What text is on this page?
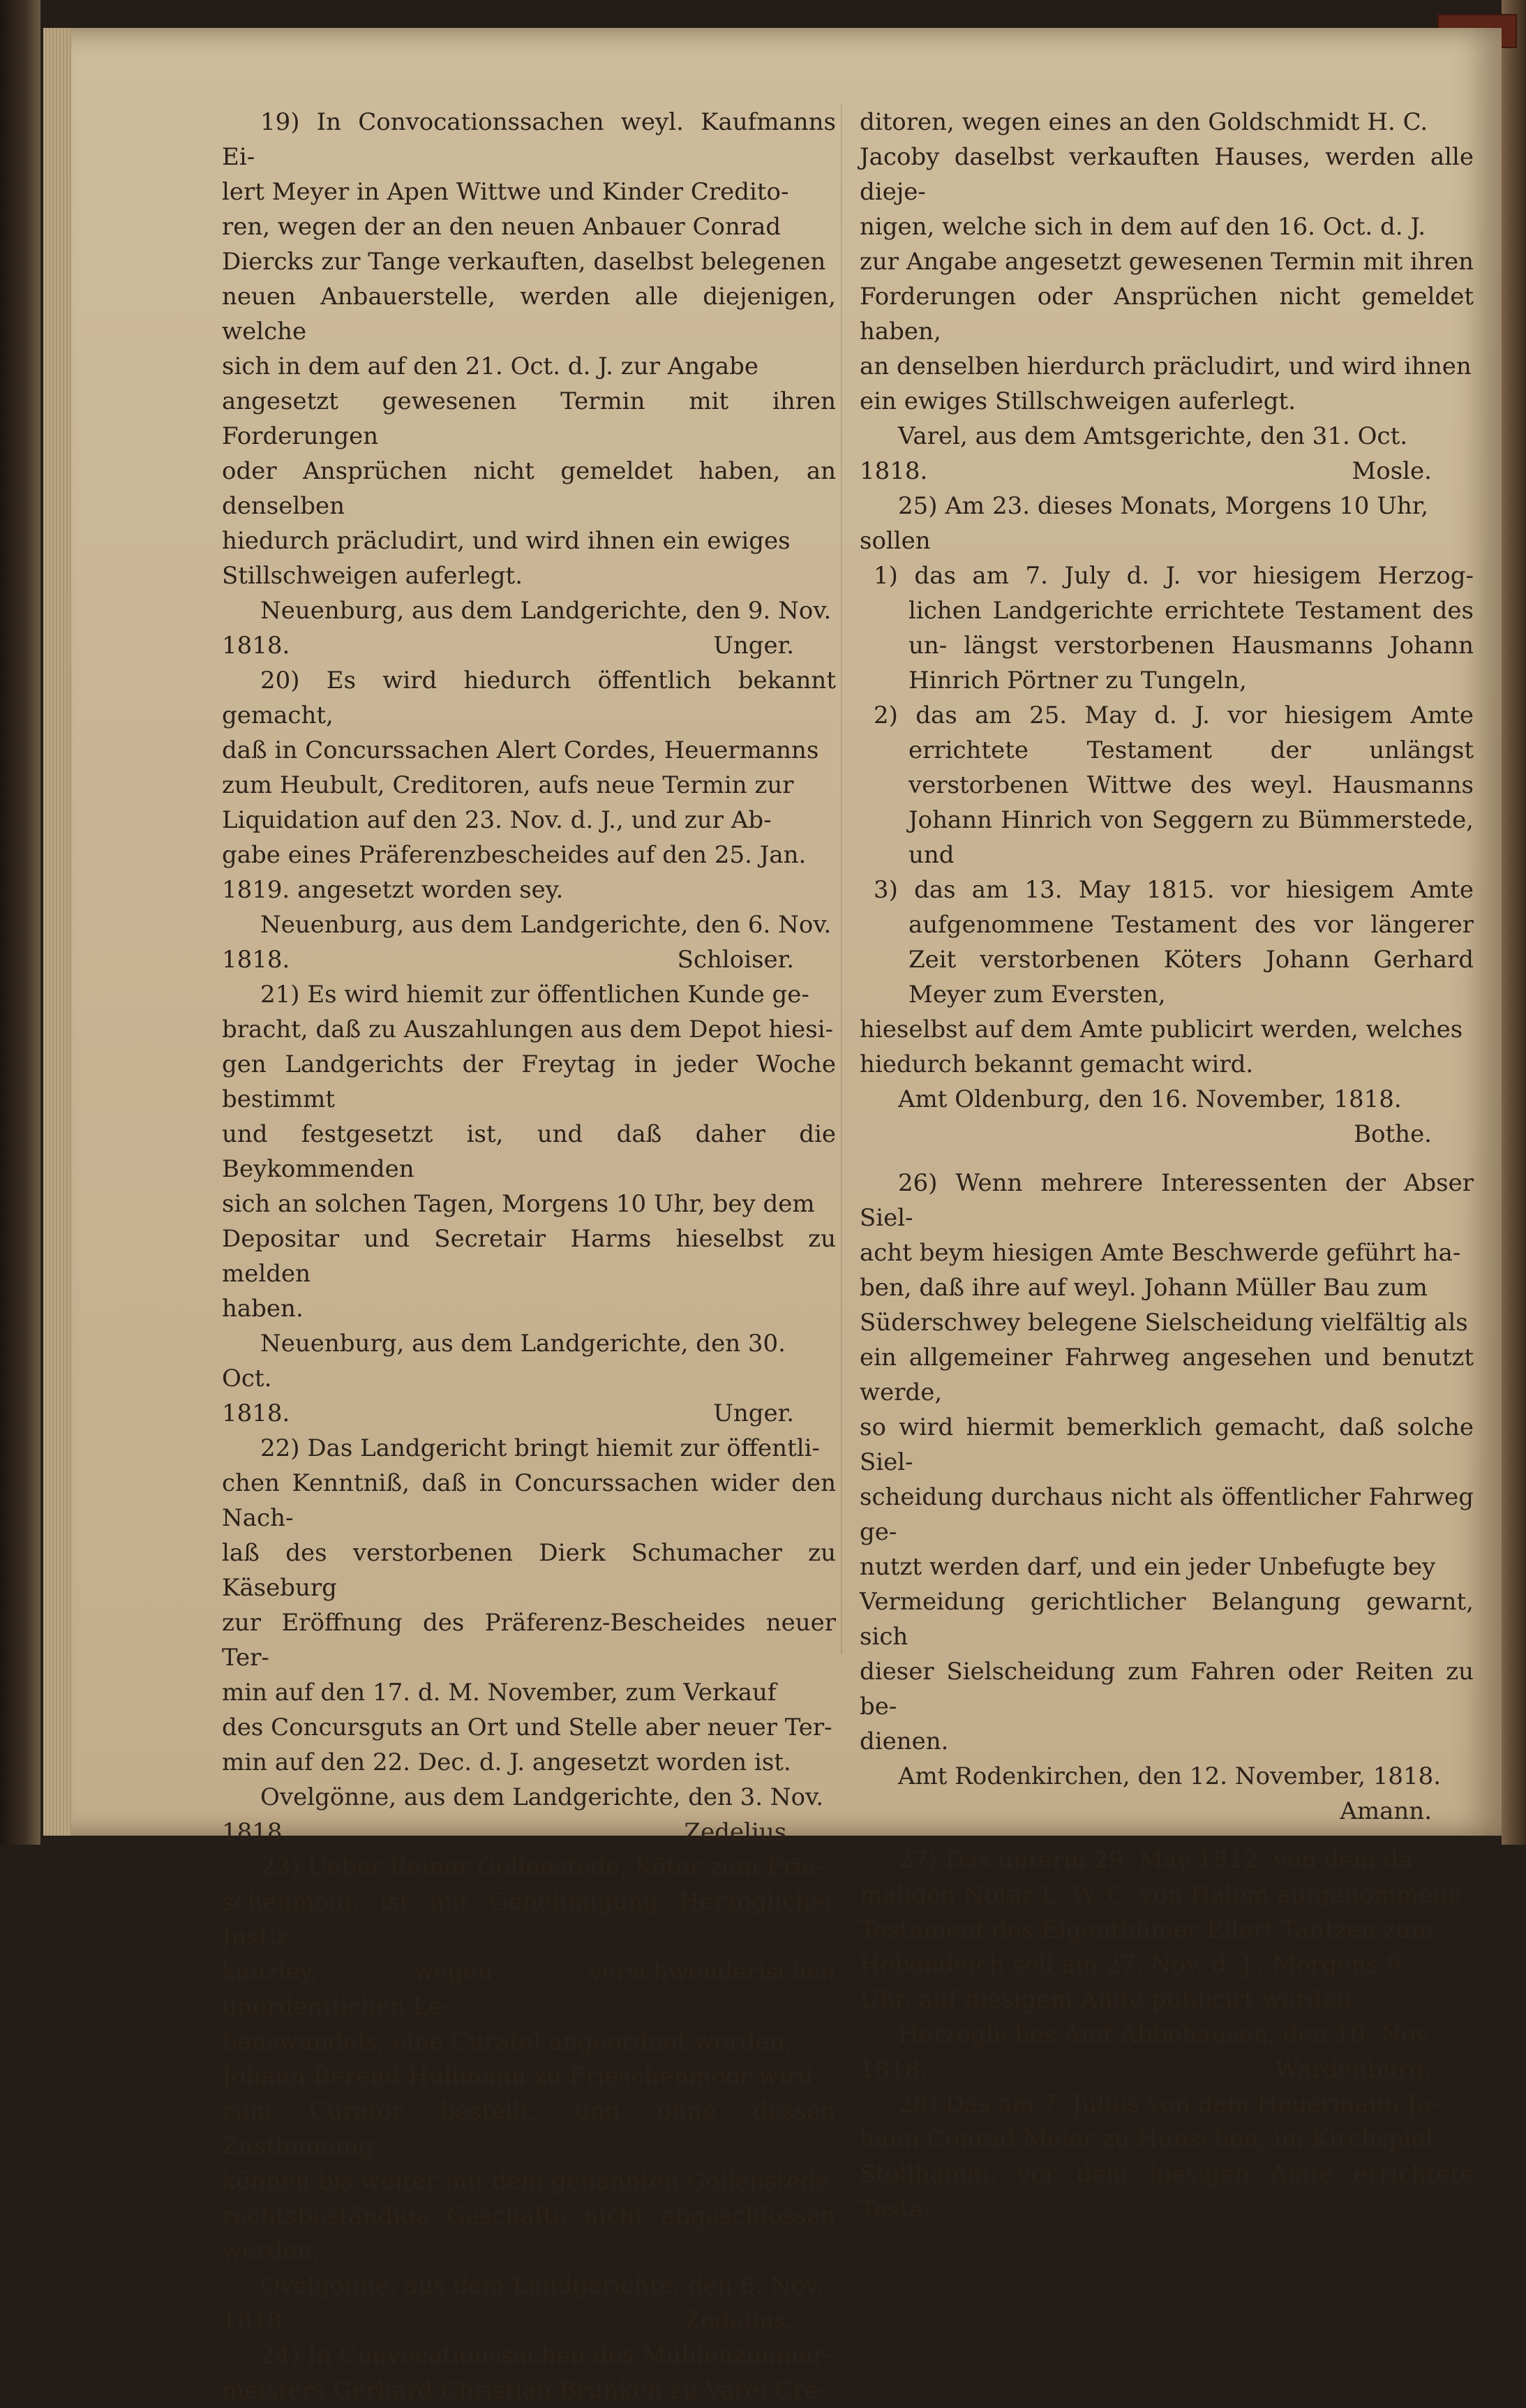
19) In Convocationssachen weyl. Kaufmanns Ei-

lert Meyer in Apen Wittwe und Kinder Credito-

ren, wegen der an den neuen Anbauer Conrad

Diercks zur Tange verkauften, daselbst belegenen

neuen Anbauerstelle, werden alle diejenigen, welche

sich in dem auf den 21. Oct. d. J. zur Angabe

angesetzt gewesenen Termin mit ihren Forderungen

oder Ansprüchen nicht gemeldet haben, an denselben

hiedurch präcludirt, und wird ihnen ein ewiges

Stillschweigen auferlegt.

Neuenburg, aus dem Landgerichte, den 9. Nov.

1818.	Unger.

20) Es wird hiedurch öffentlich bekannt gemacht,

daß in Concurssachen Alert Cordes, Heuermanns

zum Heubult, Creditoren, aufs neue Termin zur

Liquidation auf den 23. Nov. d. J., und zur Ab-

gabe eines Präferenzbescheides auf den 25. Jan.

1819. angesetzt worden sey.

Neuenburg, aus dem Landgerichte, den 6. Nov.

1818.	Schloiser.

21) Es wird hiemit zur öffentlichen Kunde ge-

bracht, daß zu Auszahlungen aus dem Depot hiesi-

gen Landgerichts der Freytag in jeder Woche bestimmt

und festgesetzt ist, und daß daher die Beykommenden

sich an solchen Tagen, Morgens 10 Uhr, bey dem

Depositar und Secretair Harms hieselbst zu melden

haben.

Neuenburg, aus dem Landgerichte, den 30. Oct.

1818.	Unger.

22) Das Landgericht bringt hiemit zur öffentli-

chen Kenntniß, daß in Concurssachen wider den Nach-

laß des verstorbenen Dierk Schumacher zu Käseburg

zur Eröffnung des Präferenz-Bescheides neuer Ter-

min auf den 17. d. M. November, zum Verkauf

des Concursguts an Ort und Stelle aber neuer Ter-

min auf den 22. Dec. d. J. angesetzt worden ist.

Ovelgönne, aus dem Landgerichte, den 3. Nov.

1818.	Zedelius.

23) Ueber Reiner Gollenstede, Köter zum Frie-

schenmoor, ist mit Genehmigung Herzoglicher Justiz-

kanzley, wegen verschwenderischen unordentlichen Le-

benswandels, eine Curatel angeordnet worden,

Johann Berend Hullmann zu Frieschenmoor wird

zum Curator bestellt, und ohne dessen Zustimmung

können bis weiter mit dem genannten Gollenstede

rechtsbeständige Geschäfte nicht abgeschlossen werden.

Ovelgönne, aus dem Landgerichte, den 6. Nov.

1818.	Zedelius.

24) In Convocationssachen des Mühlenzimmer-

meisters Gerhard Christian Brunken zu Varel Cre-

ditoren, wegen eines an den Goldschmidt H. C.

Jacoby daselbst verkauften Hauses, werden alle dieje-

nigen, welche sich in dem auf den 16. Oct. d. J.

zur Angabe angesetzt gewesenen Termin mit ihren

Forderungen oder Ansprüchen nicht gemeldet haben,

an denselben hierdurch präcludirt, und wird ihnen

ein ewiges Stillschweigen auferlegt.

Varel, aus dem Amtsgerichte, den 31. Oct.

1818.	Mosle.

25) Am 23. dieses Monats, Morgens 10 Uhr,

sollen

1) das am 7. July d. J. vor hiesigem Herzog- lichen Landgerichte errichtete Testament des un- längst verstorbenen Hausmanns Johann Hinrich Pörtner zu Tungeln,

2) das am 25. May d. J. vor hiesigem Amte errichtete Testament der unlängst verstorbenen Wittwe des weyl. Hausmanns Johann Hinrich von Seggern zu Bümmerstede, und

3) das am 13. May 1815. vor hiesigem Amte aufgenommene Testament des vor längerer Zeit verstorbenen Köters Johann Gerhard Meyer zum Eversten,

hieselbst auf dem Amte publicirt werden, welches

hiedurch bekannt gemacht wird.

Amt Oldenburg, den 16. November, 1818.

Bothe.

26) Wenn mehrere Interessenten der Abser Siel-

acht beym hiesigen Amte Beschwerde geführt ha-

ben, daß ihre auf weyl. Johann Müller Bau zum

Süderschwey belegene Sielscheidung vielfältig als

ein allgemeiner Fahrweg angesehen und benutzt werde,

so wird hiermit bemerklich gemacht, daß solche Siel-

scheidung durchaus nicht als öffentlicher Fahrweg ge-

nutzt werden darf, und ein jeder Unbefugte bey

Vermeidung gerichtlicher Belangung gewarnt, sich

dieser Sielscheidung zum Fahren oder Reiten zu be-

dienen.

Amt Rodenkirchen, den 12. November, 1818.

Amann.

27) Das unterm 29. May 1812. von dem da-

maligen Notar L. W. C. von Halem aufgenommene

Testament des Eigenthümer Eilert Tantzen zum

Hobendeich soll am 27. Nov. d. J., Morgens 9

Uhr, auf hiesigem Amte publicirt werden.

Herzogliches Amt Abbehausen, den 10. Nov.

1818.	Wardenburg.

28) Das am 7. Julius von dem Heuermann Jo-

hann Conrad Meier zu Hunschen, im Kirchspiel

Stollhamm, vor dem hiesigen Amte errichtete Testa-
